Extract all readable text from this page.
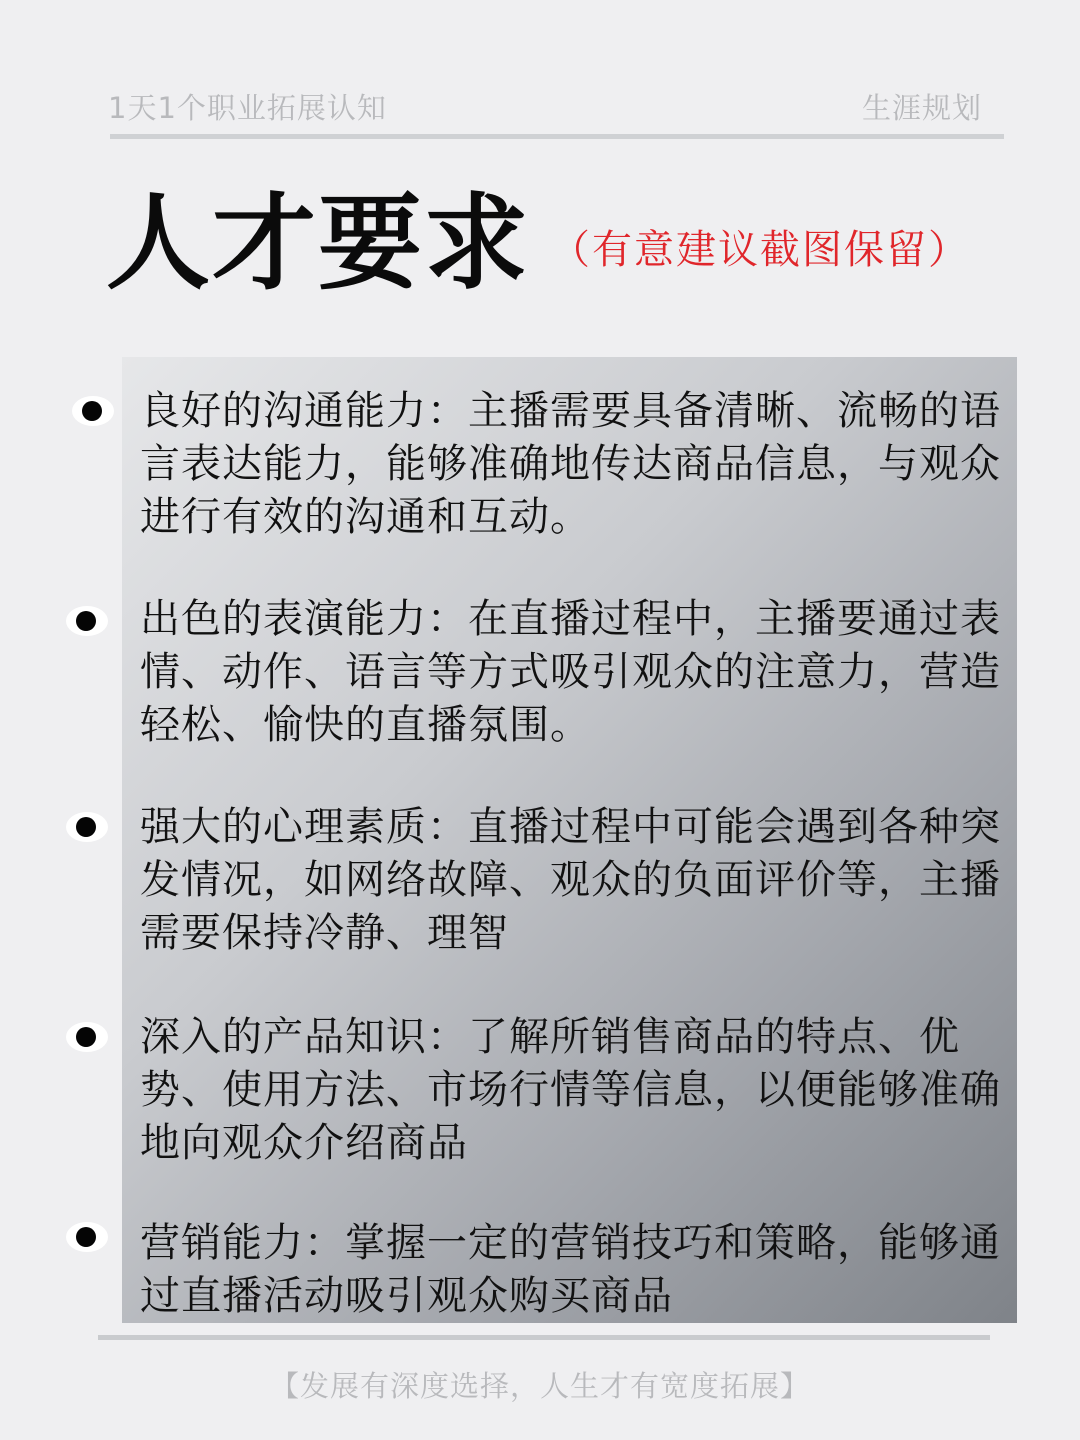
1天1个职业拓展认知	生涯规划
人才要求 （有意建议截图保留）
良好的沟通能力：主播需要具备清晰、流畅的语言表达能力，能够准确地传达商品信息，与观众进行有效的沟通和互动。
出色的表演能力：在直播过程中，主播要通过表情、动作、语言等方式吸引观众的注意力，营造轻松、愉快的直播氛围。
强大的心理素质：直播过程中可能会遇到各种突发情况，如网络故障、观众的负面评价等，主播需要保持冷静、理智
深入的产品知识：了解所销售商品的特点、优势、使用方法、市场行情等信息，以便能够准确地向观众介绍商品
营销能力：掌握一定的营销技巧和策略，能够通过直播活动吸引观众购买商品
【发展有深度选择，人生才有宽度拓展】
